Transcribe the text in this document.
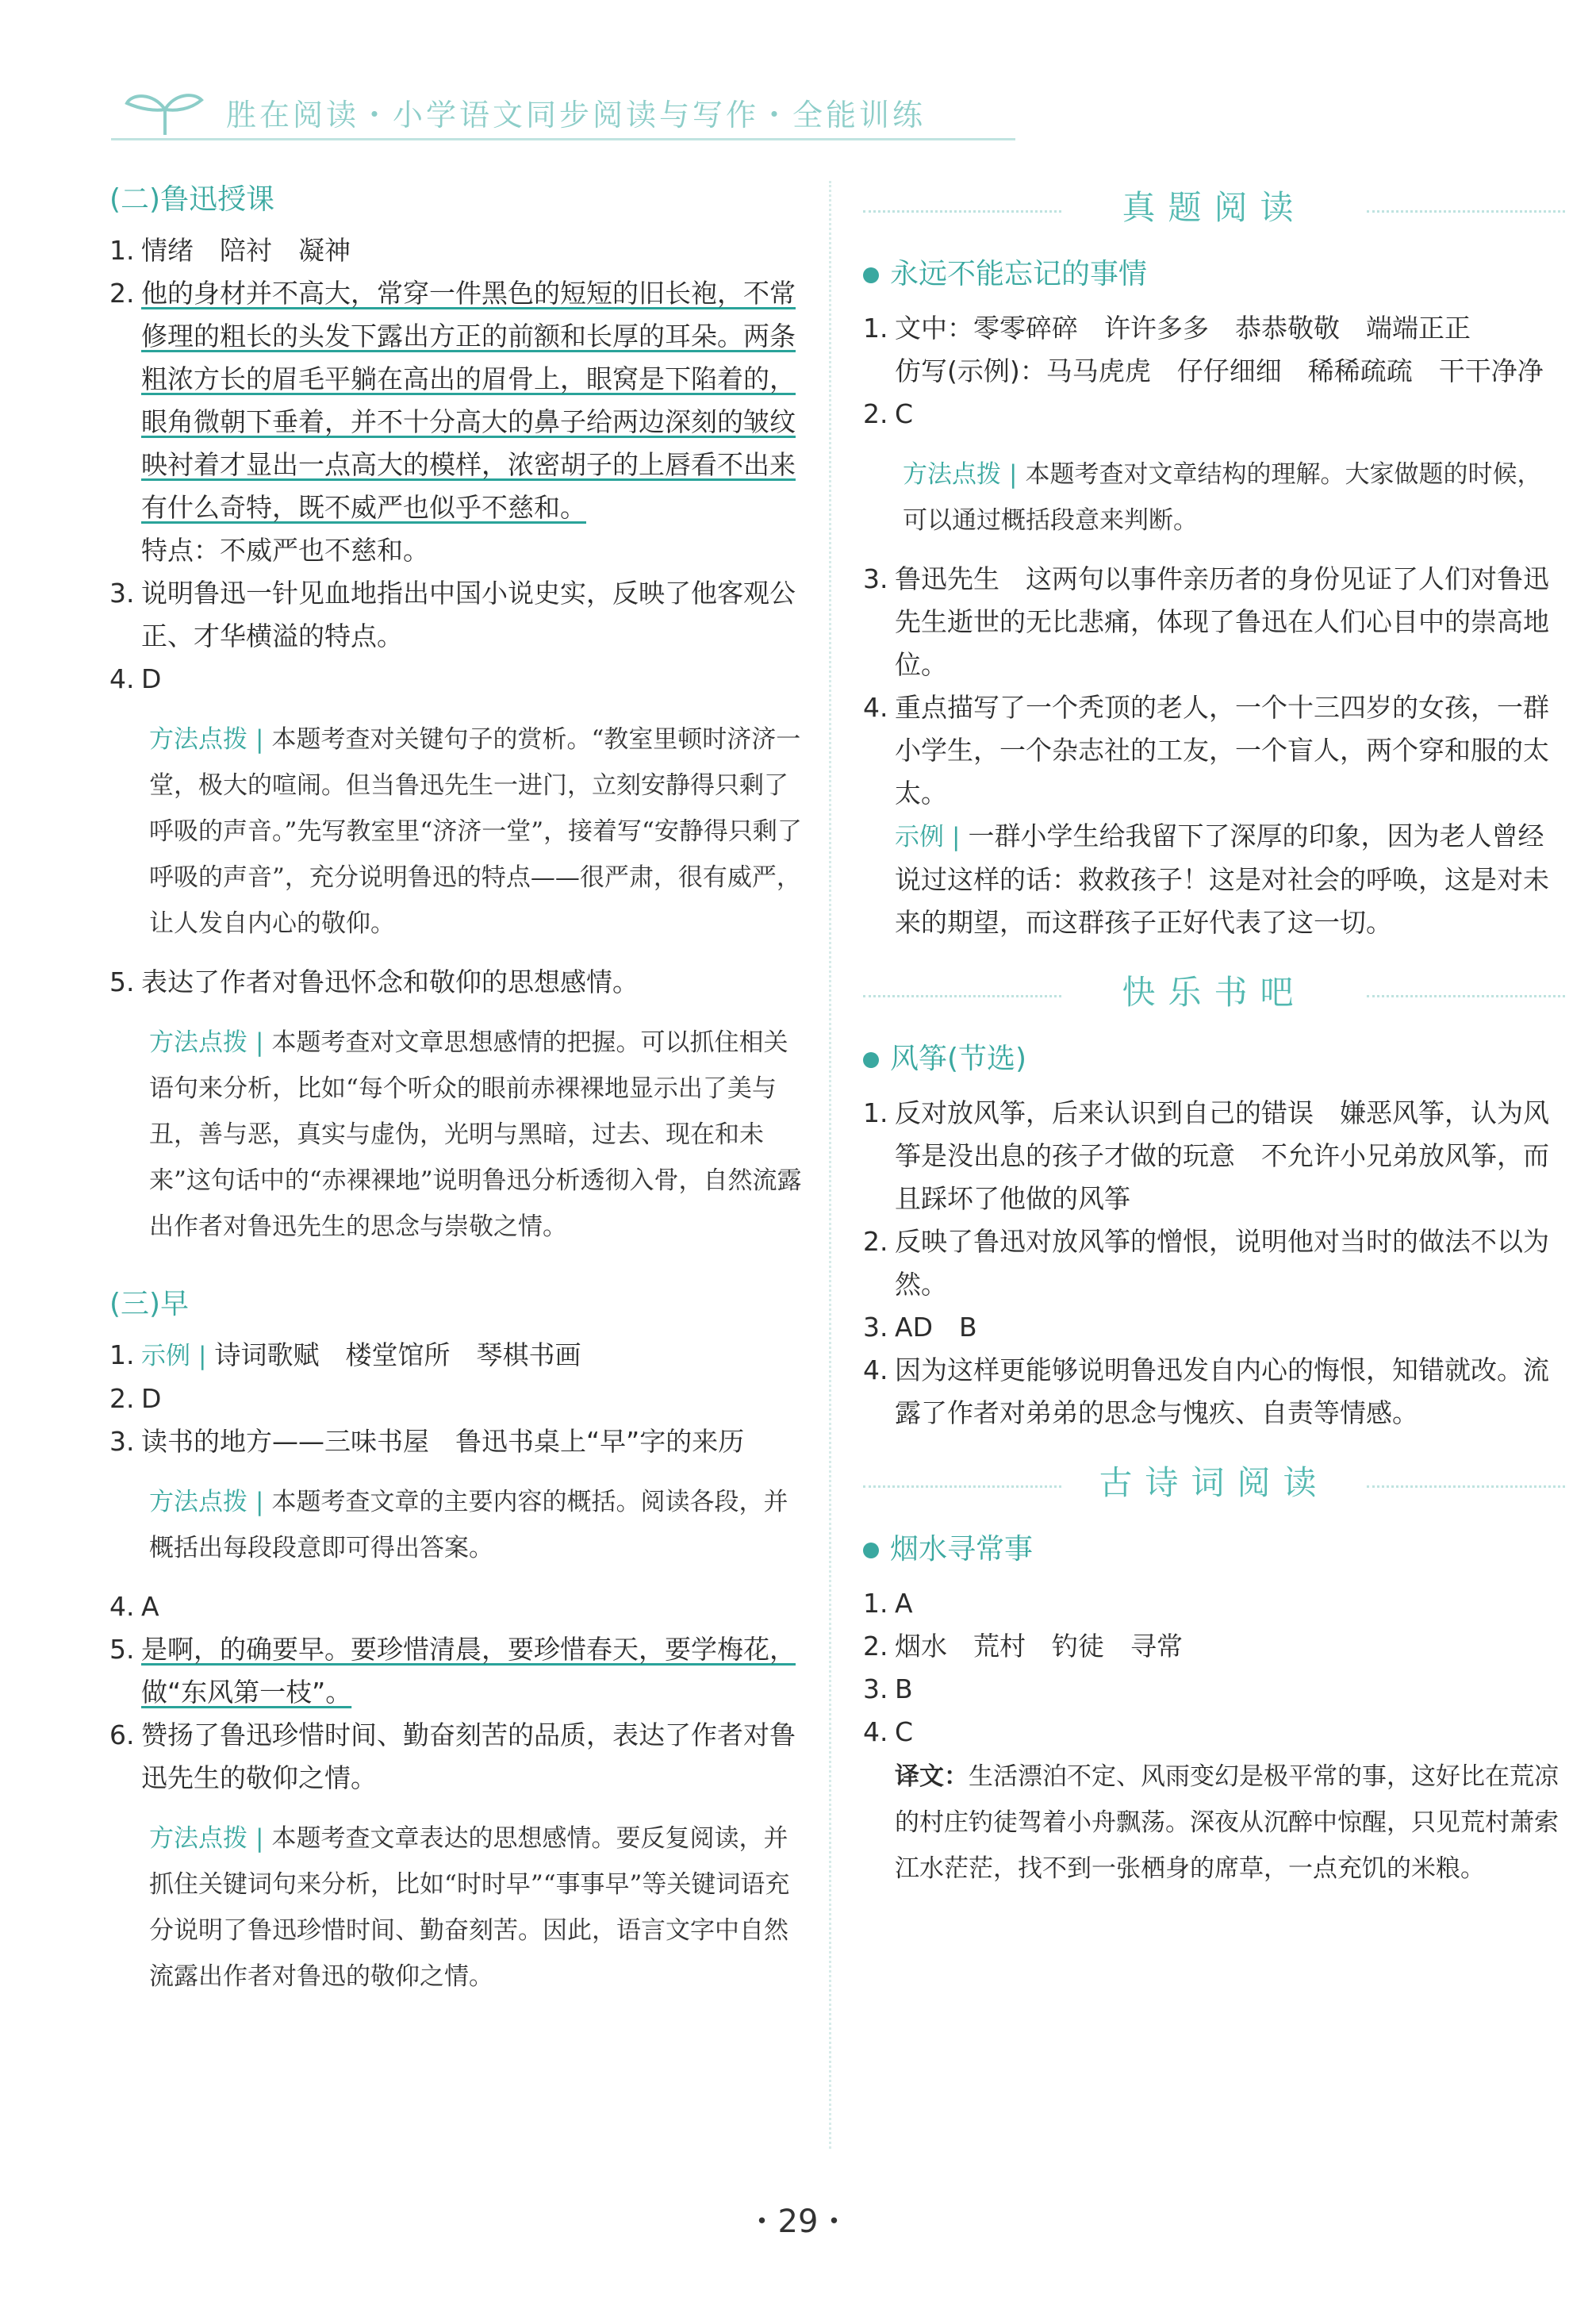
胜在阅读・小学语文同步阅读与写作・全能训练
(二)鲁迅授课
1. 情绪　陪衬　凝神
2. 他的身材并不高大，常穿一件黑色的短短的旧长袍，不常修理的粗长的头发下露出方正的前额和长厚的耳朵。两条粗浓方长的眉毛平躺在高出的眉骨上，眼窝是下陷着的，眼角微朝下垂着，并不十分高大的鼻子给两边深刻的皱纹映衬着才显出一点高大的模样，浓密胡子的上唇看不出来有什么奇特，既不威严也似乎不慈和。
特点：不威严也不慈和。
3. 说明鲁迅一针见血地指出中国小说史实，反映了他客观公正、才华横溢的特点。
4. D
方法点拨 | 本题考查对关键句子的赏析。“教室里顿时济济一堂，极大的喧闹。但当鲁迅先生一进门，立刻安静得只剩了呼吸的声音。”先写教室里“济济一堂”，接着写“安静得只剩了呼吸的声音”，充分说明鲁迅的特点——很严肃，很有威严，让人发自内心的敬仰。
5. 表达了作者对鲁迅怀念和敬仰的思想感情。
方法点拨 | 本题考查对文章思想感情的把握。可以抓住相关语句来分析，比如“每个听众的眼前赤裸裸地显示出了美与丑，善与恶，真实与虚伪，光明与黑暗，过去、现在和未来”这句话中的“赤裸裸地”说明鲁迅分析透彻入骨，自然流露出作者对鲁迅先生的思念与崇敬之情。
(三)早
1. 示例 | 诗词歌赋　楼堂馆所　琴棋书画
2. D
3. 读书的地方——三味书屋　鲁迅书桌上“早”字的来历
方法点拨 | 本题考查文章的主要内容的概括。阅读各段，并概括出每段段意即可得出答案。
4. A
5. 是啊，的确要早。要珍惜清晨，要珍惜春天，要学梅花，做“东风第一枝”。
6. 赞扬了鲁迅珍惜时间、勤奋刻苦的品质，表达了作者对鲁迅先生的敬仰之情。
方法点拨 | 本题考查文章表达的思想感情。要反复阅读，并抓住关键词句来分析，比如“时时早”“事事早”等关键词语充分说明了鲁迅珍惜时间、勤奋刻苦。因此，语言文字中自然流露出作者对鲁迅的敬仰之情。
真题阅读
永远不能忘记的事情
1. 文中：零零碎碎　许许多多　恭恭敬敬　端端正正
仿写(示例)：马马虎虎　仔仔细细　稀稀疏疏　干干净净
2. C
方法点拨 | 本题考查对文章结构的理解。大家做题的时候，可以通过概括段意来判断。
3. 鲁迅先生　这两句以事件亲历者的身份见证了人们对鲁迅先生逝世的无比悲痛，体现了鲁迅在人们心目中的崇高地位。
4. 重点描写了一个秃顶的老人，一个十三四岁的女孩，一群小学生，一个杂志社的工友，一个盲人，两个穿和服的太太。
示例 | 一群小学生给我留下了深厚的印象，因为老人曾经说过这样的话：救救孩子！这是对社会的呼唤，这是对未来的期望，而这群孩子正好代表了这一切。
快乐书吧
风筝(节选)
1. 反对放风筝，后来认识到自己的错误　嫌恶风筝，认为风筝是没出息的孩子才做的玩意　不允许小兄弟放风筝，而且踩坏了他做的风筝
2. 反映了鲁迅对放风筝的憎恨，说明他对当时的做法不以为然。
3. AD　B
4. 因为这样更能够说明鲁迅发自内心的悔恨，知错就改。流露了作者对弟弟的思念与愧疚、自责等情感。
古诗词阅读
烟水寻常事
1. A
2. 烟水　荒村　钓徒　寻常
3. B
4. C
译文：生活漂泊不定、风雨变幻是极平常的事，这好比在荒凉的村庄钓徒驾着小舟飘荡。深夜从沉醉中惊醒，只见荒村萧索江水茫茫，找不到一张栖身的席草，一点充饥的米粮。
・29・
